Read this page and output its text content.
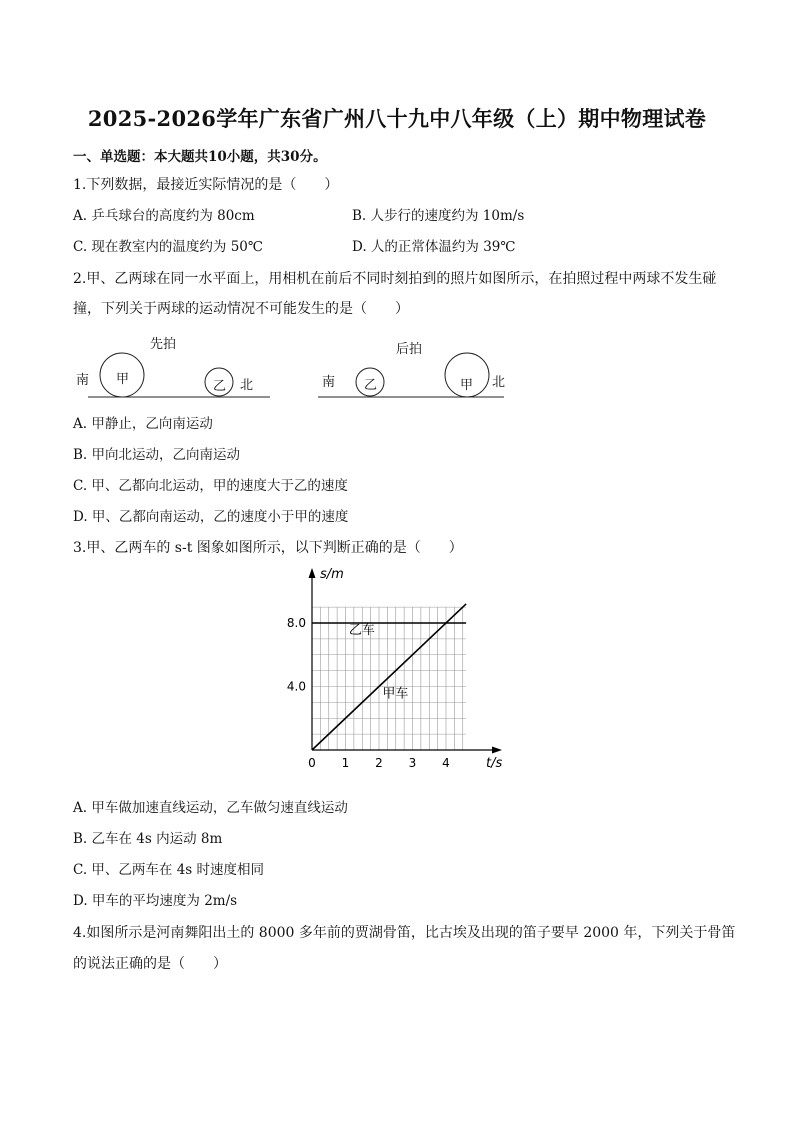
2025-2026学年广东省广州八十九中八年级（上）期中物理试卷
一、单选题：本大题共10小题，共30分。
1.下列数据，最接近实际情况的是（　　）
A. 乒乓球台的高度约为 80cm	B. 人步行的速度约为 10m/s
C. 现在教室内的温度约为 50℃	D. 人的正常体温约为 39℃
2.甲、乙两球在同一水平面上，用相机在前后不同时刻拍到的照片如图所示，在拍照过程中两球不发生碰
撞，下列关于两球的运动情况不可能发生的是（　　）
先拍
南	北
甲	乙
后拍
南	北
乙	甲
A. 甲静止，乙向南运动
B. 甲向北运动，乙向南运动
C. 甲、乙都向北运动，甲的速度大于乙的速度
D. 甲、乙都向南运动，乙的速度小于甲的速度
3.甲、乙两车的 s-t 图象如图所示，以下判断正确的是（　　）
乙车
甲车
0 1 2 3 4
4.0
8.0
s/m
t/s
A. 甲车做加速直线运动，乙车做匀速直线运动
B. 乙车在 4s 内运动 8m
C. 甲、乙两车在 4s 时速度相同
D. 甲车的平均速度为 2m/s
4.如图所示是河南舞阳出土的 8000 多年前的贾湖骨笛，比古埃及出现的笛子要早 2000 年，下列关于骨笛
的说法正确的是（　　）
